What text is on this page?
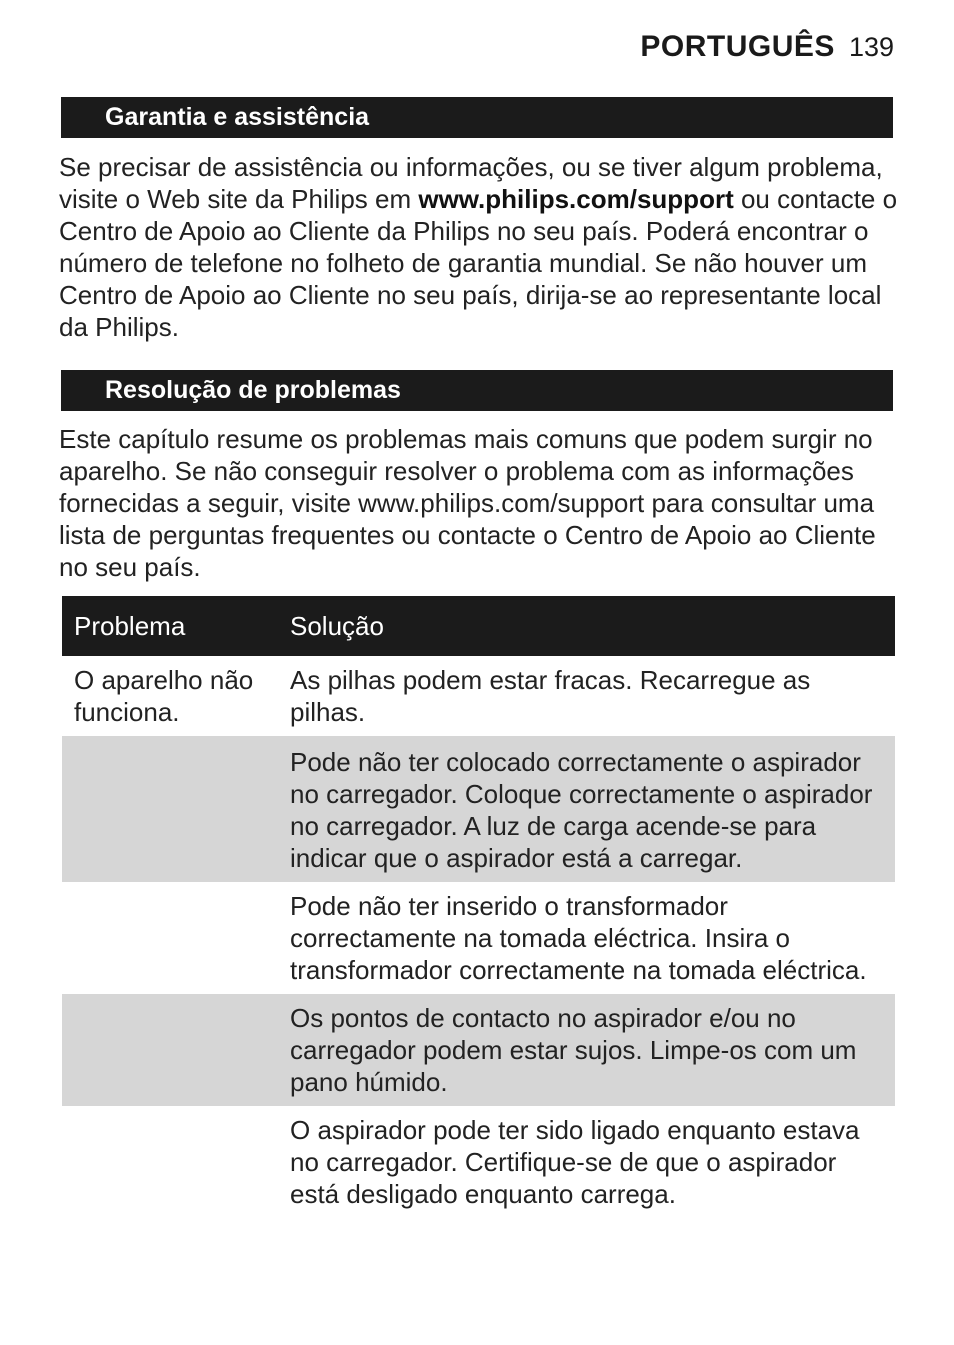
PORTUGUÊS 139
Garantia e assistência

Se precisar de assistência ou informações, ou se tiver algum problema, visite o Web site da Philips em www.philips.com/support ou contacte o Centro de Apoio ao Cliente da Philips no seu país. Poderá encontrar o número de telefone no folheto de garantia mundial. Se não houver um Centro de Apoio ao Cliente no seu país, dirija-se ao representante local da Philips.

Resolução de problemas

Este capítulo resume os problemas mais comuns que podem surgir no aparelho. Se não conseguir resolver o problema com as informações fornecidas a seguir, visite www.philips.com/support para consultar uma lista de perguntas frequentes ou contacte o Centro de Apoio ao Cliente no seu país.

Problema	Solução
O aparelho não funciona.	As pilhas podem estar fracas. Recarregue as pilhas.
	Pode não ter colocado correctamente o aspirador no carregador. Coloque correctamente o aspirador no carregador. A luz de carga acende-se para indicar que o aspirador está a carregar.
	Pode não ter inserido o transformador correctamente na tomada eléctrica. Insira o transformador correctamente na tomada eléctrica.
	Os pontos de contacto no aspirador e/ou no carregador podem estar sujos. Limpe-os com um pano húmido.
	O aspirador pode ter sido ligado enquanto estava no carregador. Certifique-se de que o aspirador está desligado enquanto carrega.
